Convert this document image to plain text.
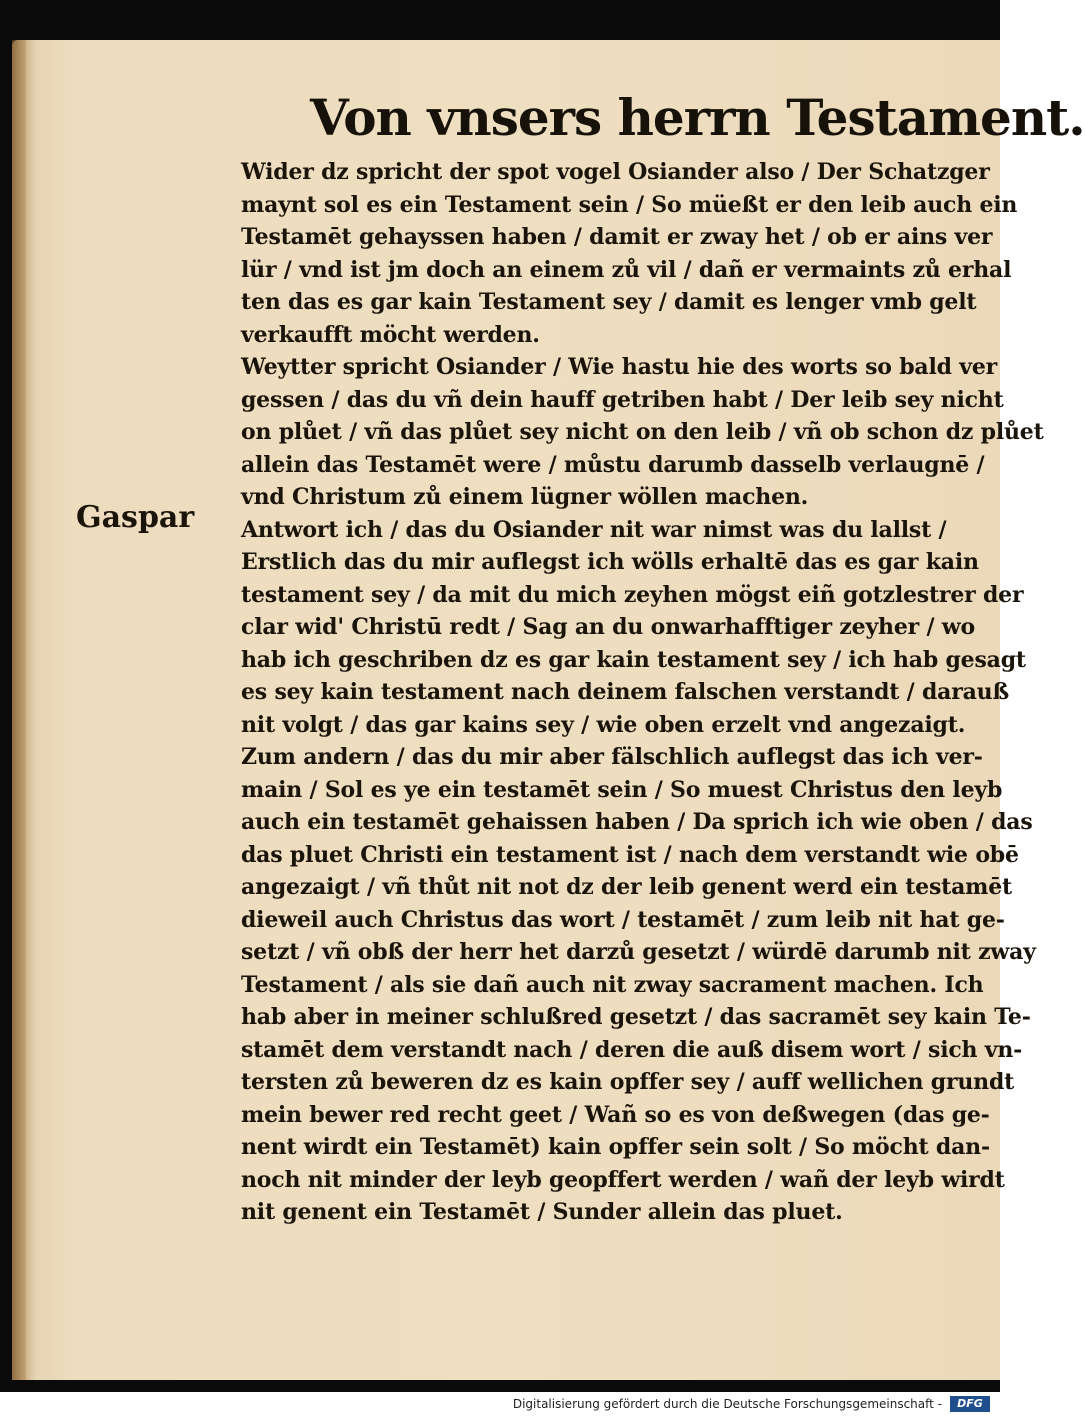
Von vnsers herrn Testament.
Gaspar
Wider dz spricht der spot vogel Osiander also / Der Schatzger
maynt sol es ein Testament sein / So müeßt er den leib auch ein
Testamēt gehayssen haben / damit er zway het / ob er ains ver
lür / vnd ist jm doch an einem zů vil / dañ er vermaints zů erhal
ten das es gar kain Testament sey / damit es lenger vmb gelt
verkaufft möcht werden.
Weytter spricht Osiander / Wie hastu hie des worts so bald ver
gessen / das du vñ dein hauff getriben habt / Der leib sey nicht
on plůet / vñ das plůet sey nicht on den leib / vñ ob schon dz plůet
allein das Testamēt were / můstu darumb dasselb verlaugnē /
vnd Christum zů einem lügner wöllen machen.
Antwort ich / das du Osiander nit war nimst was du lallst /
Erstlich das du mir auflegst ich wölls erhaltē das es gar kain
testament sey / da mit du mich zeyhen mögst eiñ gotzlestrer der
clar wid' Christū redt / Sag an du onwarhafftiger zeyher / wo
hab ich geschriben dz es gar kain testament sey / ich hab gesagt
es sey kain testament nach deinem falschen verstandt / darauß
nit volgt / das gar kains sey / wie oben erzelt vnd angezaigt.
Zum andern / das du mir aber fälschlich auflegst das ich ver-
main / Sol es ye ein testamēt sein / So muest Christus den leyb
auch ein testamēt gehaissen haben / Da sprich ich wie oben / das
das pluet Christi ein testament ist / nach dem verstandt wie obē
angezaigt / vñ thůt nit not dz der leib genent werd ein testamēt
dieweil auch Christus das wort / testamēt / zum leib nit hat ge-
setzt / vñ obß der herr het darzů gesetzt / würdē darumb nit zway
Testament / als sie dañ auch nit zway sacrament machen. Ich
hab aber in meiner schlußred gesetzt / das sacramēt sey kain Te-
stamēt dem verstandt nach / deren die auß disem wort / sich vn-
tersten zů beweren dz es kain opffer sey / auff wellichen grundt
mein bewer red recht geet / Wañ so es von deßwegen (das ge-
nent wirdt ein Testamēt) kain opffer sein solt / So möcht dan-
noch nit minder der leyb geopffert werden / wañ der leyb wirdt
nit genent ein Testamēt / Sunder allein das pluet.
Digitalisierung gefördert durch die Deutsche Forschungsgemeinschaft -	DFG
